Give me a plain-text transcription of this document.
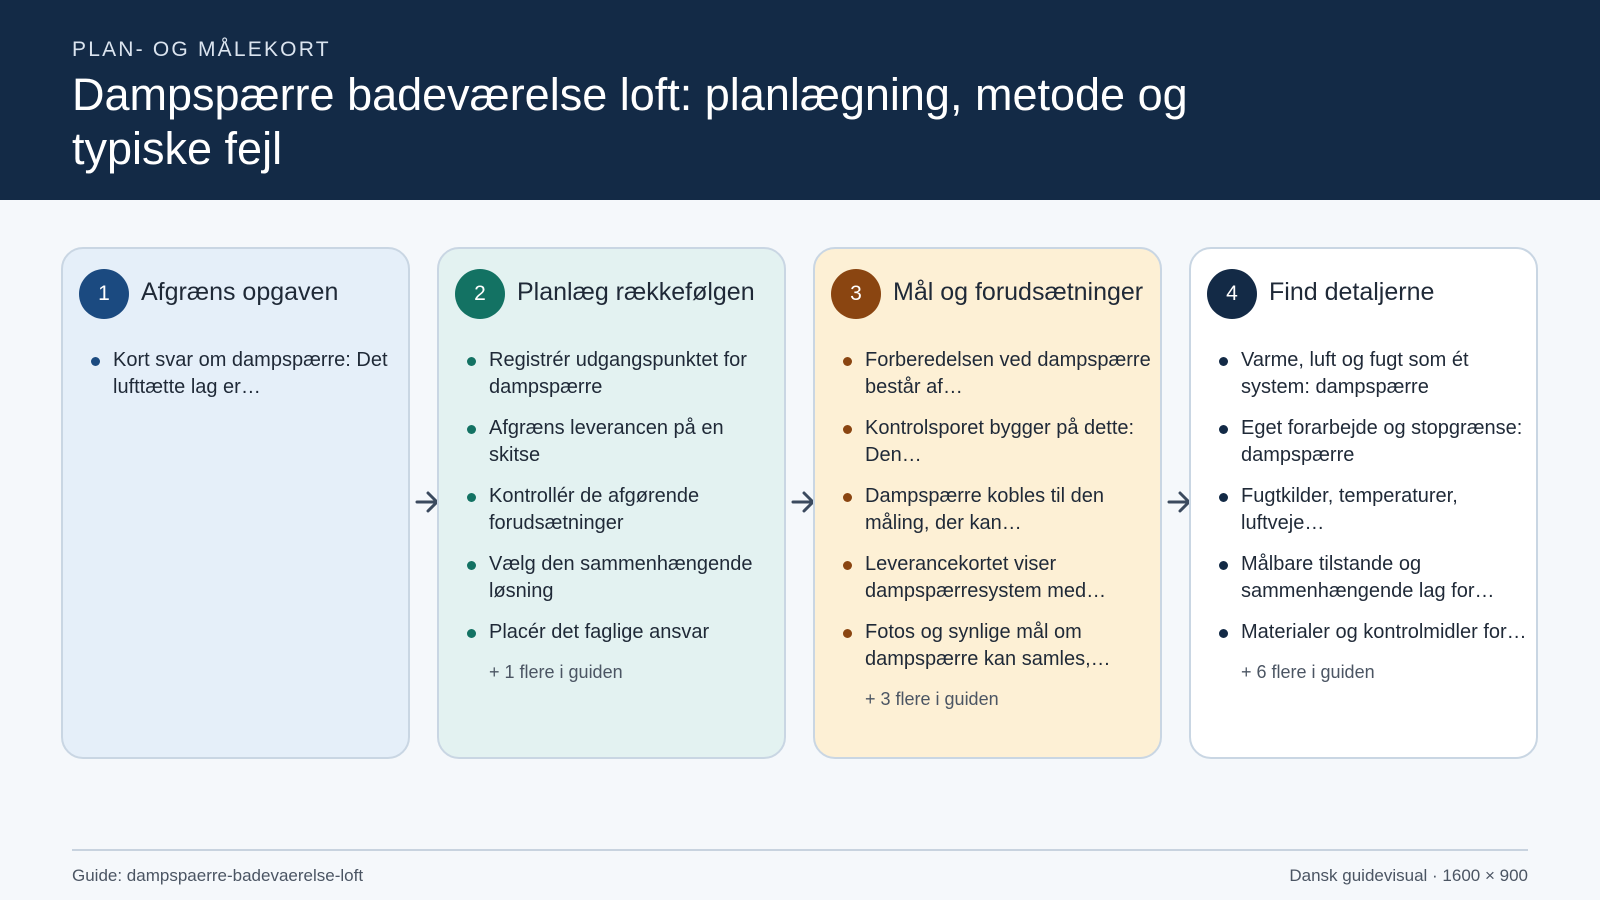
PLAN- OG MÅLEKORT
Dampspærre badeværelse loft: planlægning, metode og typiske fejl
1	Afgræns opgaven
Kort svar om dampspærre: Det lufttætte lag er…
2	Planlæg rækkefølgen
Registrér udgangspunktet for dampspærre
Afgræns leverancen på en skitse
Kontrollér de afgørende forudsætninger
Vælg den sammenhængende løsning
Placér det faglige ansvar
+ 1 flere i guiden
3	Mål og forudsætninger
Forberedelsen ved dampspærre består af…
Kontrolsporet bygger på dette: Den…
Dampspærre kobles til den måling, der kan…
Leverancekortet viser dampspærresystem med…
Fotos og synlige mål om dampspærre kan samles,…
+ 3 flere i guiden
4	Find detaljerne
Varme, luft og fugt som ét system: dampspærre
Eget forarbejde og stopgrænse: dampspærre
Fugtkilder, temperaturer, luftveje…
Målbare tilstande og sammenhængende lag for…
Materialer og kontrolmidler for…
+ 6 flere i guiden
Guide: dampspaerre-badevaerelse-loft	Dansk guidevisual · 1600 × 900
